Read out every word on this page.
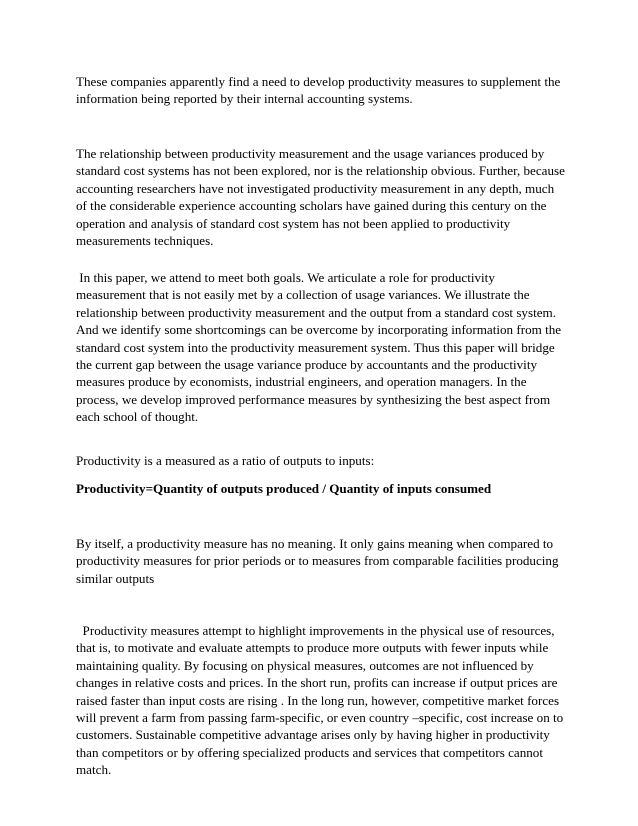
These companies apparently find a need to develop productivity measures to supplement the information being reported by their internal accounting systems.

The relationship between productivity measurement and the usage variances produced by standard cost systems has not been explored, nor is the relationship obvious. Further, because accounting researchers have not investigated productivity measurement in any depth, much of the considerable experience accounting scholars have gained during this century on the operation and analysis of standard cost system has not been applied to productivity measurements techniques.

In this paper, we attend to meet both goals. We articulate a role for productivity measurement that is not easily met by a collection of usage variances. We illustrate the relationship between productivity measurement and the output from a standard cost system. And we identify some shortcomings can be overcome by incorporating information from the standard cost system into the productivity measurement system. Thus this paper will bridge the current gap between the usage variance produce by accountants and the productivity measures produce by economists, industrial engineers, and operation managers. In the process, we develop improved performance measures by synthesizing the best aspect from each school of thought.

Productivity is a measured as a ratio of outputs to inputs:

Productivity=Quantity of outputs produced / Quantity of inputs consumed

By itself, a productivity measure has no meaning. It only gains meaning when compared to productivity measures for prior periods or to measures from comparable facilities producing similar outputs

Productivity measures attempt to highlight improvements in the physical use of resources, that is, to motivate and evaluate attempts to produce more outputs with fewer inputs while maintaining quality. By focusing on physical measures, outcomes are not influenced by changes in relative costs and prices. In the short run, profits can increase if output prices are raised faster than input costs are rising . In the long run, however, competitive market forces will prevent a farm from passing farm-specific, or even country –specific, cost increase on to customers. Sustainable competitive advantage arises only by having higher in productivity than competitors or by offering specialized products and services that competitors cannot match.
